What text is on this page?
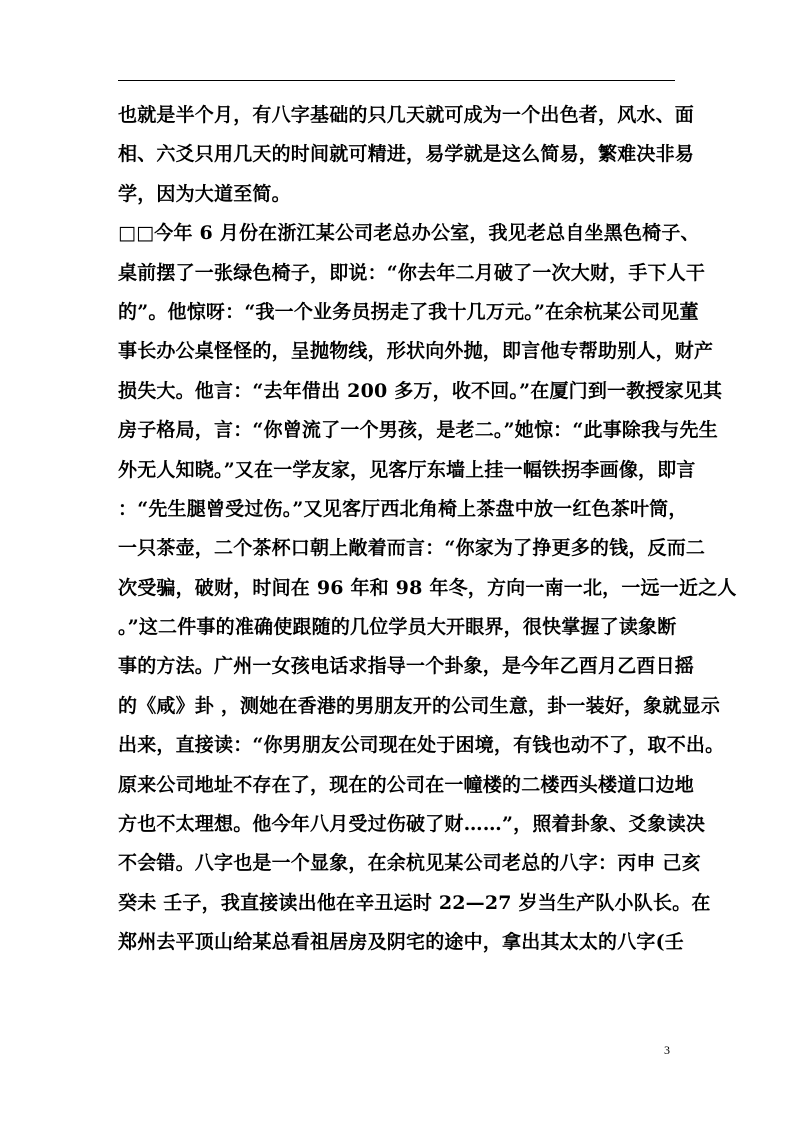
也就是半个月，有八字基础的只几天就可成为一个出色者，风水、面
相、六爻只用几天的时间就可精进，易学就是这么简易，繁难决非易
学，因为大道至简。
□□今年 6 月份在浙江某公司老总办公室，我见老总自坐黑色椅子、
桌前摆了一张绿色椅子，即说：“你去年二月破了一次大财，手下人干
的”。他惊呀：“我一个业务员拐走了我十几万元。”在余杭某公司见董
事长办公桌怪怪的，呈抛物线，形状向外抛，即言他专帮助别人，财产
损失大。他言：“去年借出 200 多万，收不回。”在厦门到一教授家见其
房子格局，言：“你曾流了一个男孩，是老二。”她惊：“此事除我与先生
外无人知晓。”又在一学友家，见客厅东墙上挂一幅铁拐李画像，即言
：“先生腿曾受过伤。”又见客厅西北角椅上茶盘中放一红色茶叶筒，
一只茶壶，二个茶杯口朝上敞着而言：“你家为了挣更多的钱，反而二
次受骗，破财，时间在 96 年和 98 年冬，方向一南一北，一远一近之人
。”这二件事的准确使跟随的几位学员大开眼界，很快掌握了读象断
事的方法。广州一女孩电话求指导一个卦象，是今年乙酉月乙酉日摇
的《咸》卦 ，测她在香港的男朋友开的公司生意，卦一装好，象就显示
出来，直接读：“你男朋友公司现在处于困境，有钱也动不了，取不出。
原来公司地址不存在了，现在的公司在一幢楼的二楼西头楼道口边地
方也不太理想。他今年八月受过伤破了财……”，照着卦象、爻象读决
不会错。八字也是一个显象，在余杭见某公司老总的八字：丙申 己亥
癸未 壬子，我直接读出他在辛丑运时 22—27 岁当生产队小队长。在
郑州去平顶山给某总看祖居房及阴宅的途中，拿出其太太的八字(壬
3
